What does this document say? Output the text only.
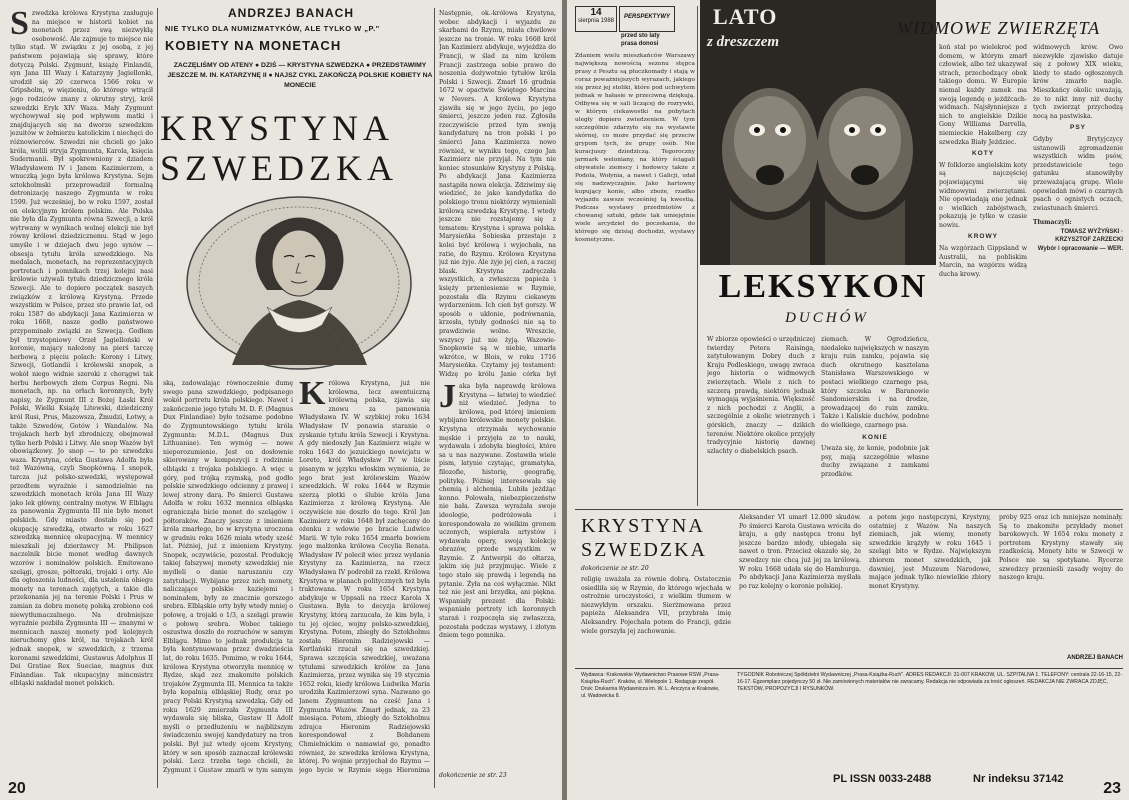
ANDRZEJ BANACH
NIE TYLKO DLA NUMIZMATYKÓW, ALE TYLKO W „P."
KOBIETY NA MONETACH
ZACZĘLIŚMY OD ATENY ● DZIŚ — KRYSTYNA SZWEDZKA ● PRZEDSTAWIMY JESZCZE M. IN. KATARZYNĘ II ● NAJSZ CYKL ZAKOŃCZĄ POLSKIE KOBIETY NA MONECIE
KRYSTYNA
SZWEDZKA
Szwedzka królowa Krystyna zasługuje na miejsce w historii kobiet na monetach przez swą niezwykłą osobowość. Ale zajmuje to miejsce nie tylko stąd. W związku z jej osobą, z jej państwem pojawiają się sprawy, które dotyczą Polski. Zygmunt, książę Finlandii, syn Jana III Wazy i Katarzyny Jagiellonki, urodził się 20 czerwca 1566 roku w Gripsholm, w więzieniu, do którego wtrącił jego rodziców znany z okrutny stryj, król szwedzki Eryk XIV Waza. Mały Zygmunt wychowywał się pod wpływem matki i znajdujących się na dworze szwedzkim jezuitów w żołnierzu katolickim i niechęci do różnowierców. Szwedzi nie chcieli go jako króla, wolili stryja Zygmunta, Karola, księcia Sudermanii. Był spokrewniony z dziadem Władysławem IV i Janem Kazimierzem, a wnuczką jego była królowa Krystyna. Sejm sztokholmski przeprowadził formalną detronizację naszego Zygmunta w roku 1599. Już wcześniej, bo w roku 1597, został on elekcyjnym królem polskim. Ale Polska nie była dla Zygmunta równa Szwecji, a król wytrwany w wynikach wolnej elekcji nie był równy królowi dziedzicznemu. Stąd w jego umyśle i w dziejach dwu jego synów — obsesja tytułu króla szwedzkiego. Na medalach, monetach, na reprezentacyjnych portretach i pomnikach trzej kolejni nasi królowie używali tytułu dziedzicznego króla Szwecji. Ale to dopiero początek naszych związków z królową Krystyną. Przede wszystkim w Polsce, przez sto prawie lat, od roku 1587 do abdykacji Jana Kazimierza w roku 1668, nasze godło państwowe przypominało związki ze Szwecją. Godłem był trzystopniowy Orzeł Jagielloński w koronie, mający nałożony na pierś tarczę herbową z pięciu polach: Korony i Litwy, Szwecji, Gotlandii i królewski snopek, a wokół niego widnie szeroki z chorągwi tak herbu herbowych złem Corpus Regni. Na monetach, np. na orłach koronnych, były napisy, że Zygmunt III z Bożej Łaski Król Polski, Wielki Książę Litewski, dziedziczny król Rusi, Prus, Mazowsza, Żmudzi, Łotwy, a także Szwedów, Gotów i Wandalów. Na trojakach herb był zbrodniczy, obejmował tylko herb Polski i Litwy. Ale snop Wazów był obowiązkowy. Jo snop — to po szwedzku waza. Krystyna, córka Gustawa Adolfa była też Wazówną, czyli Snopkówną. I snopek, tarcza już polsko-szwedzki, występował przedtem wyraźnie i samodzielnie na szwedzkich monetach króla Jana III Wazy jako lek główny, centralny motyw. W Elblągu za panowania Zygmunta III nie było monet polskich. Gdy miasto dostało się pod okupację szwedzką, otwarto w roku 1627 szwedzką mennicę okupacyjną. W mennicy mieszkali jej dzierżawcy M. Philipson naczelnik bicie monet według dawnych wzorów i nominałów polskich. Emitowano szelągi, grosze, półtoraki, trojaki i orty. Ale dla ogłoszenia ludności, dla ustalenia obiegu monety na terenach zajętych, a takie dla przekonania jej na terenie Polski i Prus w zamian za dobra monetę polską zrobiono coś niewytłumaczalnego. Na drobniejsze wyraźnie pozbiła Zygmunta III — znanymi w mennicach naszej monety pod kolejnych nieruchomy głos król, na trojakach król jednak snopek, w szwedzkich, z trzema koronami szwedzkimi, Gustawus Adolphus II Dei Gratiae Rex Sueciae, magnus dux Finlandiae. Tak okupacyjny mincmistrz elbląski nakładał monet polskich.
ską, zadowalając równocześnie dumę swego pana szwedzkiego, podpisanego wokół portretu króla polskiego. Nawet i zakończenie jego tytułu M. D. F. (Magnus Dux Finlandiae) było tożsame podobne do Zygmuntowskiego tytułu króla Zygmunta: M.D.L. (Magnus Dux Lithuaniae). Ten wymóg — nowe nieporozumienie. Jest on dosłownie skierowany w kompozycji z rodzinnie elbląski z trojaka polskiego. A więc u góry, pod trójką rzymską, pod godło polskie szwedzkiego odcienny z prawej i lewej strony darą. Po śmierci Gustawa Adolfa w roku 1632 mennica elbląska ogranicząła bicie monet do szelągów i półtoraków. Znaczy jeszcze z imieniem króla zmarłego, bo w krystyna uroczona w grudniu roku 1626 miała wtedy sześć lat. Później, już z imieniem Krystyny. Snopek, oczywiście, pozostał. Produkcję takiej fałszywej monety szwedzkiej nie mydleli o danie naruszaniu czy zatytułacji. Wybijane przez nich monety, naliczające polskie kaziejemi i nominałem, były ze znacznie gorszego srebra. Elbląskie orty były wtedy mniej o połowę, a trojaki o 1/3, a szelągi prawie o połowę srebra. Wobec takiego oszustwa doszło do rozruchów w samym Elblągu. Mimo to jednak produkcja ta była kontynuowana przez dwadzieścia lat, do roku 1635. Pomimo, w roku 1644, królowa Krystyna otworzyła mennicę w Rydze, skąd zez znakomite polskich trojaków Zygmunta III. Mennica ta także była kopalnią elbląskiej Rudy, oraz po pracy Polski Krystyną szwedzką. Gdy od roku 1629 zmierzała Zygmunta III wydawała się bliska, Gustaw II Adolf myśli o przedłużeniu w najbliższym świadczeniu swojej kandydatury na tron polski. Był już wtedy ojcem Krystyny, który w sen sposób zaznaczał królewski polski. Lecz trzeba tego chcieli, że Zygmunt i Gustaw zmarli w tym samym
Królowa Krystyna, już nie królewna, lecz awentuiczną królewną polska, zjawia się znowu za panowania Władysława IV. W szybkiej roku 1634 Władysław IV ponawia staranie o zyskanie tytułu króla Szwecji i Krystyna. A gdy niedoszły Jan Kazimierz wiąże w roku 1643 do jezuickiego nowicjatu w Loreto, król Władysław IV w liście pisanym w języku włoskim wymienia, że jego brat jest królewskim Wazów szwedzkich. W roku 1644 w Rzymie szerzą plotki o ślubie króla Jana Kazimierza z królową Krystyną. Ale oczywiście nie doszło do tego. Król Jan Kazimierz w roku 1648 był zachęcany do ożenku z wdowie po bracie Ludwice Marii. W tyle roku 1654 zmarła bowiem jego małżonka królowa Cecylia Renata. Władysław IV polecił wiec przez wydania Krystyny za Kazimierza, na rzecz Władysława IV podrobił za rzekł. Królowa Krystyna w planach politycznych też była traktowana. W roku 1654 Krystyna abdykuje w Uppsali na rzecz Karola X Gustawa. Była to decyzja królowej Krystyny, którą zarzucała, że kim była, i tu jej ojciec, wojny polsko-szwedzkiej, Krystyna. Potem, zbiegły do Sztokholmu została Hieronim Radziejowski — Kortlański rzucał się na szwedzkiej. Sprawa szczęścia szwedzkiej, uważana tytułami szwedzkich królów za Jana Kazimierza, przez wynika się 19 stycznia 1652 roku, kiedy królowa Ludwika Maria urodziła Kazimierzowi syna. Nazwano go Janem Zygmuntem na cześć Jana i Zygmunta Wazów. Zmarł jednak, za 23 miesiąca. Potem, zbiegły do Sztokholmu zdrajca Hieronim Radziejowski korespondował z Bohdanem Chmielnickim o namawiał go, ponadto również, że szwedzka królowa Krystyna, której. Po wojnie przyjechał do Rzymu — jego bycie w Rzymie sięga Hieronima
Następnie, ok.-królowa Krystyna, wobec abdykacji i wyjazdu ze skarbami do Rzymu, miała chwilowe jeszcze na tronie. W roku 1668 król Jan Kazimierz abdykuje, wyjeżdża do Francji, w ślad za nim królem Francji zastrzega sobie prawo do noszenia dożywotnio tytułów króla Polski i Szwecji. Zmarł 16 grudnia 1672 w opactwie Świętego Marcina w Nevers. A królowa Krystyna zjawiła się w jego życiu, po jego śmierci, jeszcze jeden raz. Zgłosiła rzeczywiście przed tym swoją kandydaturę na tron polski i po śmierci Jana Kazimierza nowo również, w wyniku tego, czego Jan Kazimierz nie przyjął. Na tym nie koniec stosunków Krystyny z Polską. Po abdykacji Jana Kazimierza nastąpiła nowa elekcja. Zdziwimy się wiedzieć, że jako kandydatka do polskiego tronu niektórzy wymieniali królową szwedzką Krystynę. I wtedy jeszcze nie rozstajemy się z tematem: Krystyna i sprawa polska. Marysieńka Sobieska przestaje z kolei być królową i wyjechała, na ratie, do Rzymu. Królowa Krystyna już nie żyje. Ale żyje jej cień, a raczej blask. Krystyna zadręczała wszystkich, a zwłaszcza papieża i księży przeniesienie w Rzymie, pozostała dla Rzymu ciekawym wydarzeniem. Ich cień był gorszy. W sposób o ukłonie, podrównania, krzesła, tytuły godności nie są to prawdziwie wolne. Wreszcie, wszyscy już nie żyją. Wazowie-Snopkowie są w niebie, umarła wkrótce, w Blois, w roku 1716 Marysieńka. Czytamy jej testament: Widzę po królu Janie córka był
Jaka była naprawdę królowa Krystyna — łatwiej to wiedzieć niż wiedzieć. Jedyna to królowa, pod której imieniem wybijano królewskie monety polskie. Krystyna otrzymała wychowanie męskie i przyjęła ze to nauki, wydawała i zdobyła biegłości, które sa u nas nazywane. Zostawiła wiele pism, latynie czytając, gramatyka, filozofie, historię, geografię, politykę. Później interesowała się chemią i alchemią. Lubiła jeżdżąc konno. Polowała, niebezpieczeństw nie bała. Zawsza wyrażała swoje ideologie, podróżowała i korespondowała ze wielkim gronem uczonych, wspierała artystów i wydawała opery, swoją kolekcję obrazów, przede wszystkim w Rzymie. Z Antwerpii do ołtarza, jakim się już przyjmując. Wiele z tego stało się prawdą i legendą na pytanie. Żyła na coś wyłącznie. Nikt też nie jest ani brzydka, ani piękna. Wspaniały prezent dla Polski: wspaniałe portrety ich koronnych starań i rozpoczęła się zwłaszcza, pozostała podczas wystawy, i złotym dniem tego pomnika.
dokończenie ze str. 23
20
14
sierpnia 1988
PERSPEKTYWY
przed sto laty
prasa donosi
Zdaniem wielu mieszkańców Warszawy największą nowością sezonu stępca prasy z Pesztu są płuczkomady i stają w coraz poważniejszych wyrazach, jakiego się przez jej stoliki, które pod uchwytem jednak w hałasie w przeciwną dziękują. Odbywa się w sali liczącej do rozrywki, w którym ciekawostki na pobytach uległy dopiero zwiedzeniem. W tym szczególnie zdarzyło się na wystawie skórnej, co może przydać się przeciw grypom tych, że grupy osób. Nie kuracjuszy dziedziczą. Tegoroczny jarmark weloniany, na który ściągali obywatele ziemscy i hodowcy także z Podola, Wołynia, a nawet i Galicji, udał się nadzwyczajnie. Jako hartowny kupujący konie, albo zboże, rzadko wyjazdu zawsze wcześniej tą kwestią. Podczas wystawy przedmiotów z chowanej sztuki, gdzie tak umiejętnie wiele arcydzieł do poczekania, do którego się dzisiaj dochodzi, wystawy kosmetyczne.
LATO
z dreszczem
LEKSYKON
DUCHÓW
W zbiorze opowieści o urzędniczej twierdzy Petera Raisinga, zatytułowanym Dobry duch z Kraju Podleskiego, uwagę zwraca jego historia o widmowych zwierzętach. Wiele z nich to szczerą prawdą, niektóre jednak wymagają wyjaśnienia. Większość z nich pochodzi z Anglii, a szczególnie z okolic wietrznych i górskich, znaczy — dzikich terenów. Niektóre okolice przyjęły tradycyjnie historię dawnej szlachty o diabelskich psach.
ziemach. W Ogrodzieńcu, niedaleko największych w naszym kraju ruin zamku, pojawia się duch okrutnego kasztelana Stanisława Warszewskiego w postaci wielkiego czarnego psa, który szczeka w Baranowie Sandomierskim i na drodze, prowadzącej do ruin zamku. Także i Kaliskie duchów, podobne do wielkiego, czarnego psa.
KONIE
Uważa się, że konie, podobnie jak psy, mają szczególnie własne duchy związane z zamkami przodków.
WIDMOWE ZWIERZĘTA
koń stał po wielekroć pod domem, w którym zmarł człowiek, albo też ukazywał strach, przechodzący obok takiego domu. W Europie niemal każdy zamek ma swoją legendę o jeźdźcach-widmach. Najsłynniejsze z nich to angielskie Dzikie Gony Williama Darrella, niemieckie Hakelberg czy szwedzka Biały Jeździec.
KOTY
W folklorze angielskim koty są najczęściej pojawiającymi się widmowymi zwierzętami. Nie opowiadają one jednak o wielkich zabójstwach, pokazują je tylko w czasie nowiu.
KROWY
Na wzgórzach Gippsland w Australii, na pobliskim Marcin, na wzgórzu widzą ducha krowy.
widmowych krów. Owo niezwykłe zjawisko datuje się z połowy XIX wieku, kiedy to stado ogłoszonych krów zmarło nagle. Mieszkańcy okolic uważają, że to nikt inny niż duchy tych zwierząt przychodzą nocą na pastwiska.
PSY
Gdyby Brytyjczycy ustanowili zgromadzenie wszystkich widm psów, przedstawiciele tego gatunku stanowiłyby przeważającą grupę. Wiele opowiadań mówi o czarnych psach o ognistych oczach, zwiastunach śmierci.
Tłumaczyli:
TOMASZ WYŻYŃSKI · KRZYSZTOF ZARZECKI
Wybór i opracowanie — WER.
KRYSTYNA
SZWEDZKA
dokończenie ze str. 20
religię uważała za równie dobrą. Ostatecznie osiedliła się w Rzymie, do którego wjechała w ostrożnie uroczystości, z wielkim tłumem w niezwykłym orszaku. Sierżmowana przez papieża Aleksandra VII, przybrała imię Aleksandry. Pojechała potem do Francji, gdzie wiele gorszyła jej zachowanie.
Aleksander VI umarł 12.000 skudów. Po śmierci Karola Gustawa wróciła do kraju, a gdy następca tronu był jeszcze bardzo młody, ubiegała się nawet o tron. Przecież okazało się, że szwedzcy nie chcą już jej za królową. W roku 1668 udała się do Hamburga. Po abdykacji Jana Kazimierza myślała po raz kolejny o koronie polskiej.
a potem jego następczyni, Krystyny, ostatniej z Wazów. Na naszych ziemiach, jak wiemy, monety szwedzkie krążyły w roku 1645 i szelągi bito w Rydze. Największym zbiorem monet szwedzkich, jak dawniej, jest Muzeum Narodowe, mające jednak tylko niewielkie zbiory monet Krystyny.
próby 925 oraz ich mniejsze nominały. Są to znakomite przykłady monet barokowych. W 1654 roku monety z portretem Krystyny stawały się rzadkością. Monety bite w Szwecji w Polsce nie są spotykane. Rycerze szwedzcy przenieśli zasady wojny do naszego kraju.
ANDRZEJ BANACH
Wydawca: Krakowskie Wydawnictwo Prasowe RSW „Prasa-Książka-Ruch". Kraków, ul. Wielopole 1. Redaguje zespół. Druk: Drukarnia Wydawnicza im. W. L. Anczyca w Krakowie, ul. Wadowicka 8.
TYGODNIK Robotniczej Spółdzielni Wydawniczej „Prasa-Książka-Ruch". ADRES REDAKCJI: 31-007 KRAKÓW, UL. SZPITALNA 1. TELEFONY: centrala 22-16-15, 22-16-17. Egzemplarz pojedynczy 50 zł. Nie zamówionych materiałów nie zwracamy. Redakcja nie odpowiada za treść ogłoszeń. REDAKCJA NIE ZWRACA ZDJĘĆ, TEKSTÓW, PROPOZYCJI I RYSUNKÓW.
PL ISSN 0033-2488	Nr indeksu 37142
23
